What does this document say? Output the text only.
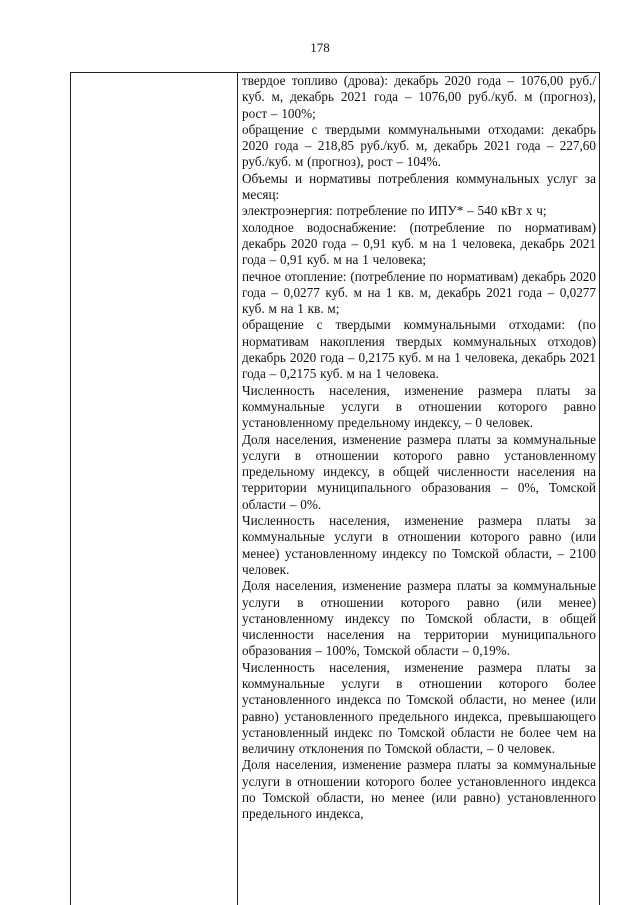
178

твердое топливо (дрова): декабрь 2020 года – 1076,00 руб./куб. м, декабрь 2021 года – 1076,00 руб./куб. м (прогноз), рост – 100%;

обращение с твердыми коммунальными отходами: декабрь 2020 года – 218,85 руб./куб. м, декабрь 2021 года – 227,60 руб./куб. м (прогноз), рост – 104%.

Объемы и нормативы потребления коммунальных услуг за месяц:

электроэнергия: потребление по ИПУ* – 540 кВт х ч;

холодное водоснабжение: (потребление по нормативам) декабрь 2020 года – 0,91 куб. м на 1 человека, декабрь 2021 года – 0,91 куб. м на 1 человека;

печное отопление: (потребление по нормативам) декабрь 2020 года – 0,0277 куб. м на 1 кв. м, декабрь 2021 года – 0,0277 куб. м на 1 кв. м;

обращение с твердыми коммунальными отходами: (по нормативам накопления твердых коммунальных отходов) декабрь 2020 года – 0,2175 куб. м на 1 человека, декабрь 2021 года – 0,2175 куб. м на 1 человека.

Численность населения, изменение размера платы за коммунальные услуги в отношении которого равно установленному предельному индексу, – 0 человек.

Доля населения, изменение размера платы за коммунальные услуги в отношении которого равно установленному предельному индексу, в общей численности населения на территории муниципального образования – 0%, Томской области – 0%.

Численность населения, изменение размера платы за коммунальные услуги в отношении которого равно (или менее) установленному индексу по Томской области, – 2100 человек.

Доля населения, изменение размера платы за коммунальные услуги в отношении которого равно (или менее) установленному индексу по Томской области, в общей численности населения на территории муниципального образования – 100%, Томской области – 0,19%.

Численность населения, изменение размера платы за коммунальные услуги в отношении которого более установленного индекса по Томской области, но менее (или равно) установленного предельного индекса, превышающего установленный индекс по Томской области не более чем на величину отклонения по Томской области, – 0 человек.

Доля населения, изменение размера платы за коммунальные услуги в отношении которого более установленного индекса по Томской области, но менее (или равно) установленного предельного индекса,
